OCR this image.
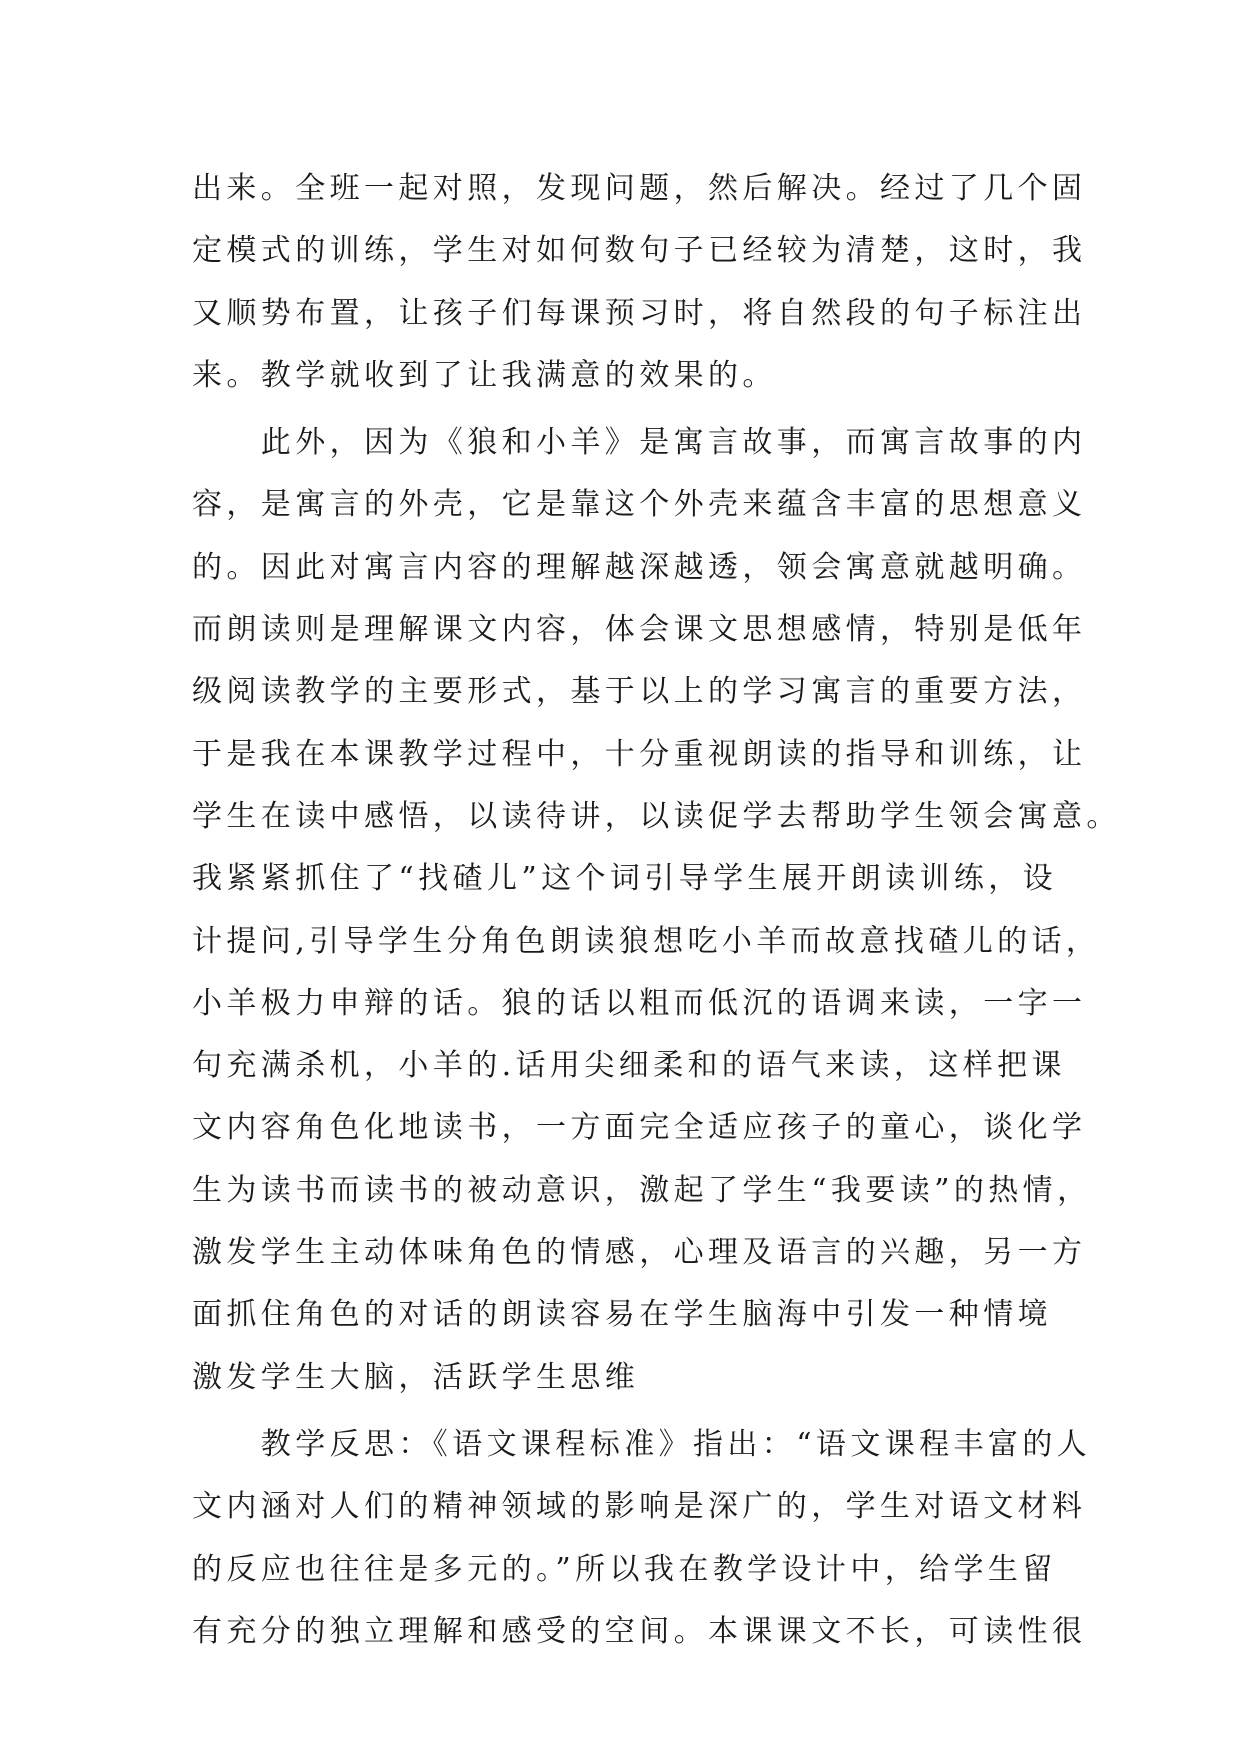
出来。全班一起对照，发现问题，然后解决。经过了几个固
定模式的训练，学生对如何数句子已经较为清楚，这时，我
又顺势布置，让孩子们每课预习时，将自然段的句子标注出
来。教学就收到了让我满意的效果的。
　　此外，因为《狼和小羊》是寓言故事，而寓言故事的内
容，是寓言的外壳，它是靠这个外壳来蕴含丰富的思想意义
的。因此对寓言内容的理解越深越透，领会寓意就越明确。
而朗读则是理解课文内容，体会课文思想感情，特别是低年
级阅读教学的主要形式，基于以上的学习寓言的重要方法，
于是我在本课教学过程中，十分重视朗读的指导和训练，让
学生在读中感悟，以读待讲，以读促学去帮助学生领会寓意。
我紧紧抓住了“找碴儿”这个词引导学生展开朗读训练，设
计提问,引导学生分角色朗读狼想吃小羊而故意找碴儿的话，
小羊极力申辩的话。狼的话以粗而低沉的语调来读，一字一
句充满杀机，小羊的.话用尖细柔和的语气来读，这样把课
文内容角色化地读书，一方面完全适应孩子的童心，谈化学
生为读书而读书的被动意识，激起了学生“我要读”的热情，
激发学生主动体味角色的情感，心理及语言的兴趣，另一方
面抓住角色的对话的朗读容易在学生脑海中引发一种情境
激发学生大脑，活跃学生思维
　　教学反思：《语文课程标准》指出：“语文课程丰富的人
文内涵对人们的精神领域的影响是深广的，学生对语文材料
的反应也往往是多元的。”所以我在教学设计中，给学生留
有充分的独立理解和感受的空间。本课课文不长，可读性很
